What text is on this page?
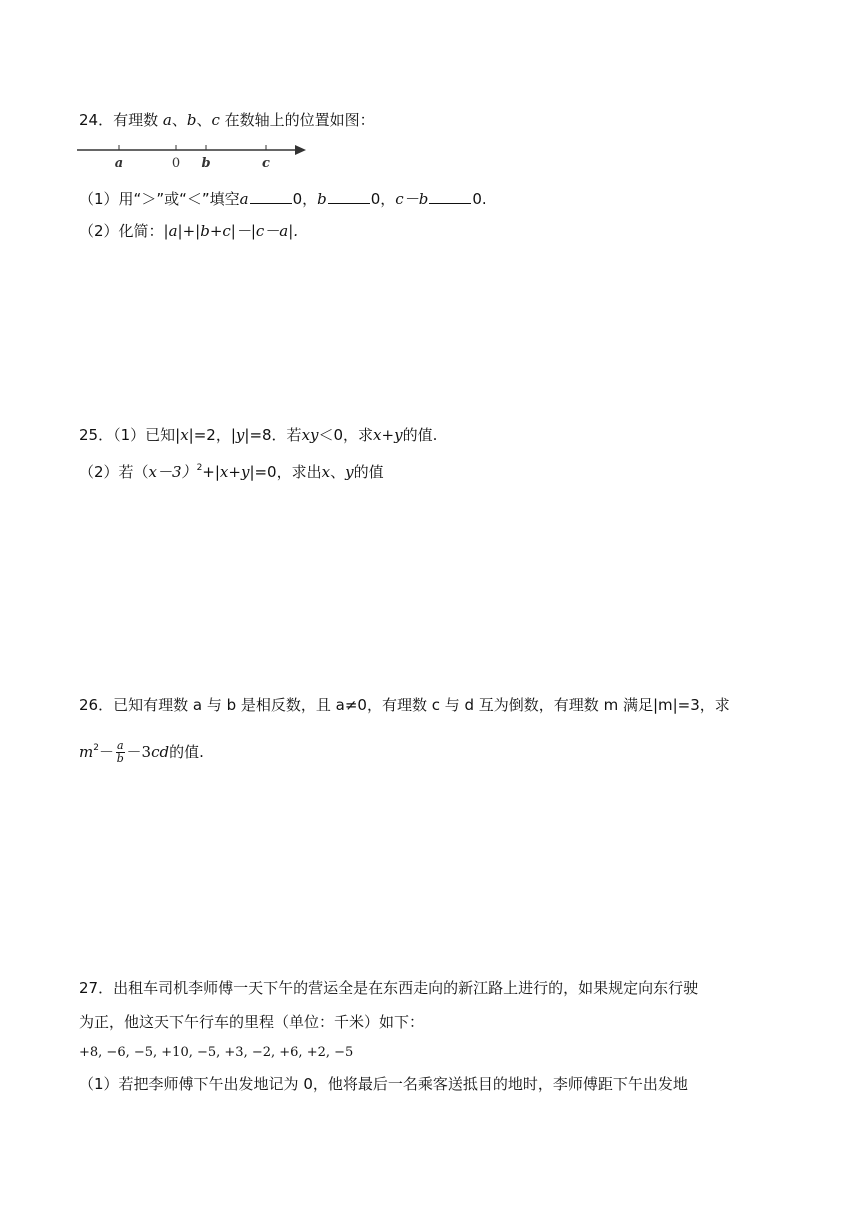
24．有理数 a、b、c 在数轴上的位置如图：
a	0 b	c
（1）用“＞”或“＜”填空a	0，b	0，c－b	0.
（2）化简：|a|+|b+c|－|c－a|.
25．（1）已知|x|=2，|y|=8．若xy＜0，求x+y的值.
（2）若$(x-3)^2+|x+y|=0$，求出x、y的值
26．已知有理数 a 与 b 是相反数，且 a≠0，有理数 c 与 d 互为倒数，有理数 m 满足|m|=3，求
$m^2- \frac{a}{b} -3cd$的值.
27．出租车司机李师傅一天下午的营运全是在东西走向的新江路上进行的，如果规定向东行驶
为正，他这天下午行车的里程（单位：千米）如下：
+8, −6, −5, +10, −5, +3, −2, +6, +2, −5
（1）若把李师傅下午出发地记为 0，他将最后一名乘客送抵目的地时，李师傅距下午出发地
